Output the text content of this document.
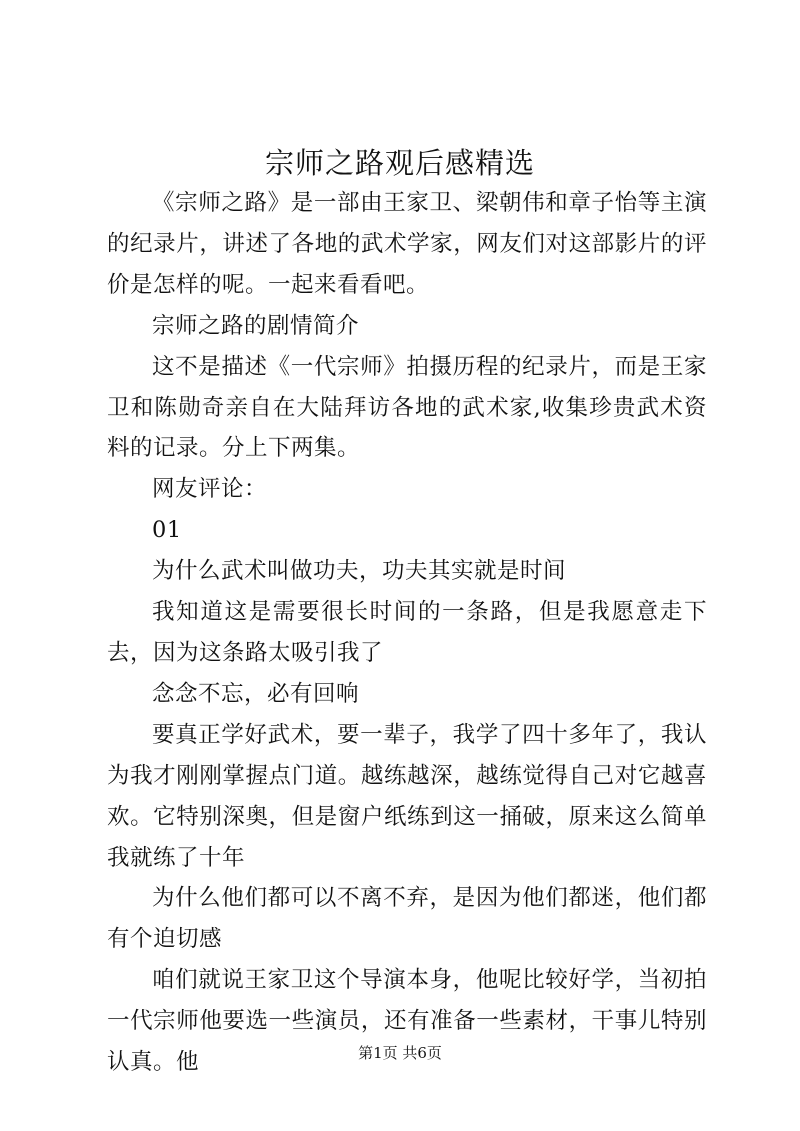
宗师之路观后感精选

《宗师之路》是一部由王家卫、梁朝伟和章子怡等主演的纪录片，讲述了各地的武术学家，网友们对这部影片的评价是怎样的呢。一起来看看吧。

宗师之路的剧情简介

这不是描述《一代宗师》拍摄历程的纪录片，而是王家卫和陈勋奇亲自在大陆拜访各地的武术家,收集珍贵武术资料的记录。分上下两集。

网友评论：

01

为什么武术叫做功夫，功夫其实就是时间

我知道这是需要很长时间的一条路，但是我愿意走下去，因为这条路太吸引我了

念念不忘，必有回响

要真正学好武术，要一辈子，我学了四十多年了，我认为我才刚刚掌握点门道。越练越深，越练觉得自己对它越喜欢。它特别深奥，但是窗户纸练到这一捅破，原来这么简单我就练了十年

为什么他们都可以不离不弃，是因为他们都迷，他们都有个迫切感

咱们就说王家卫这个导演本身，他呢比较好学，当初拍一代宗师他要选一些演员，还有准备一些素材，干事儿特别认真。他	第1页 共6页
